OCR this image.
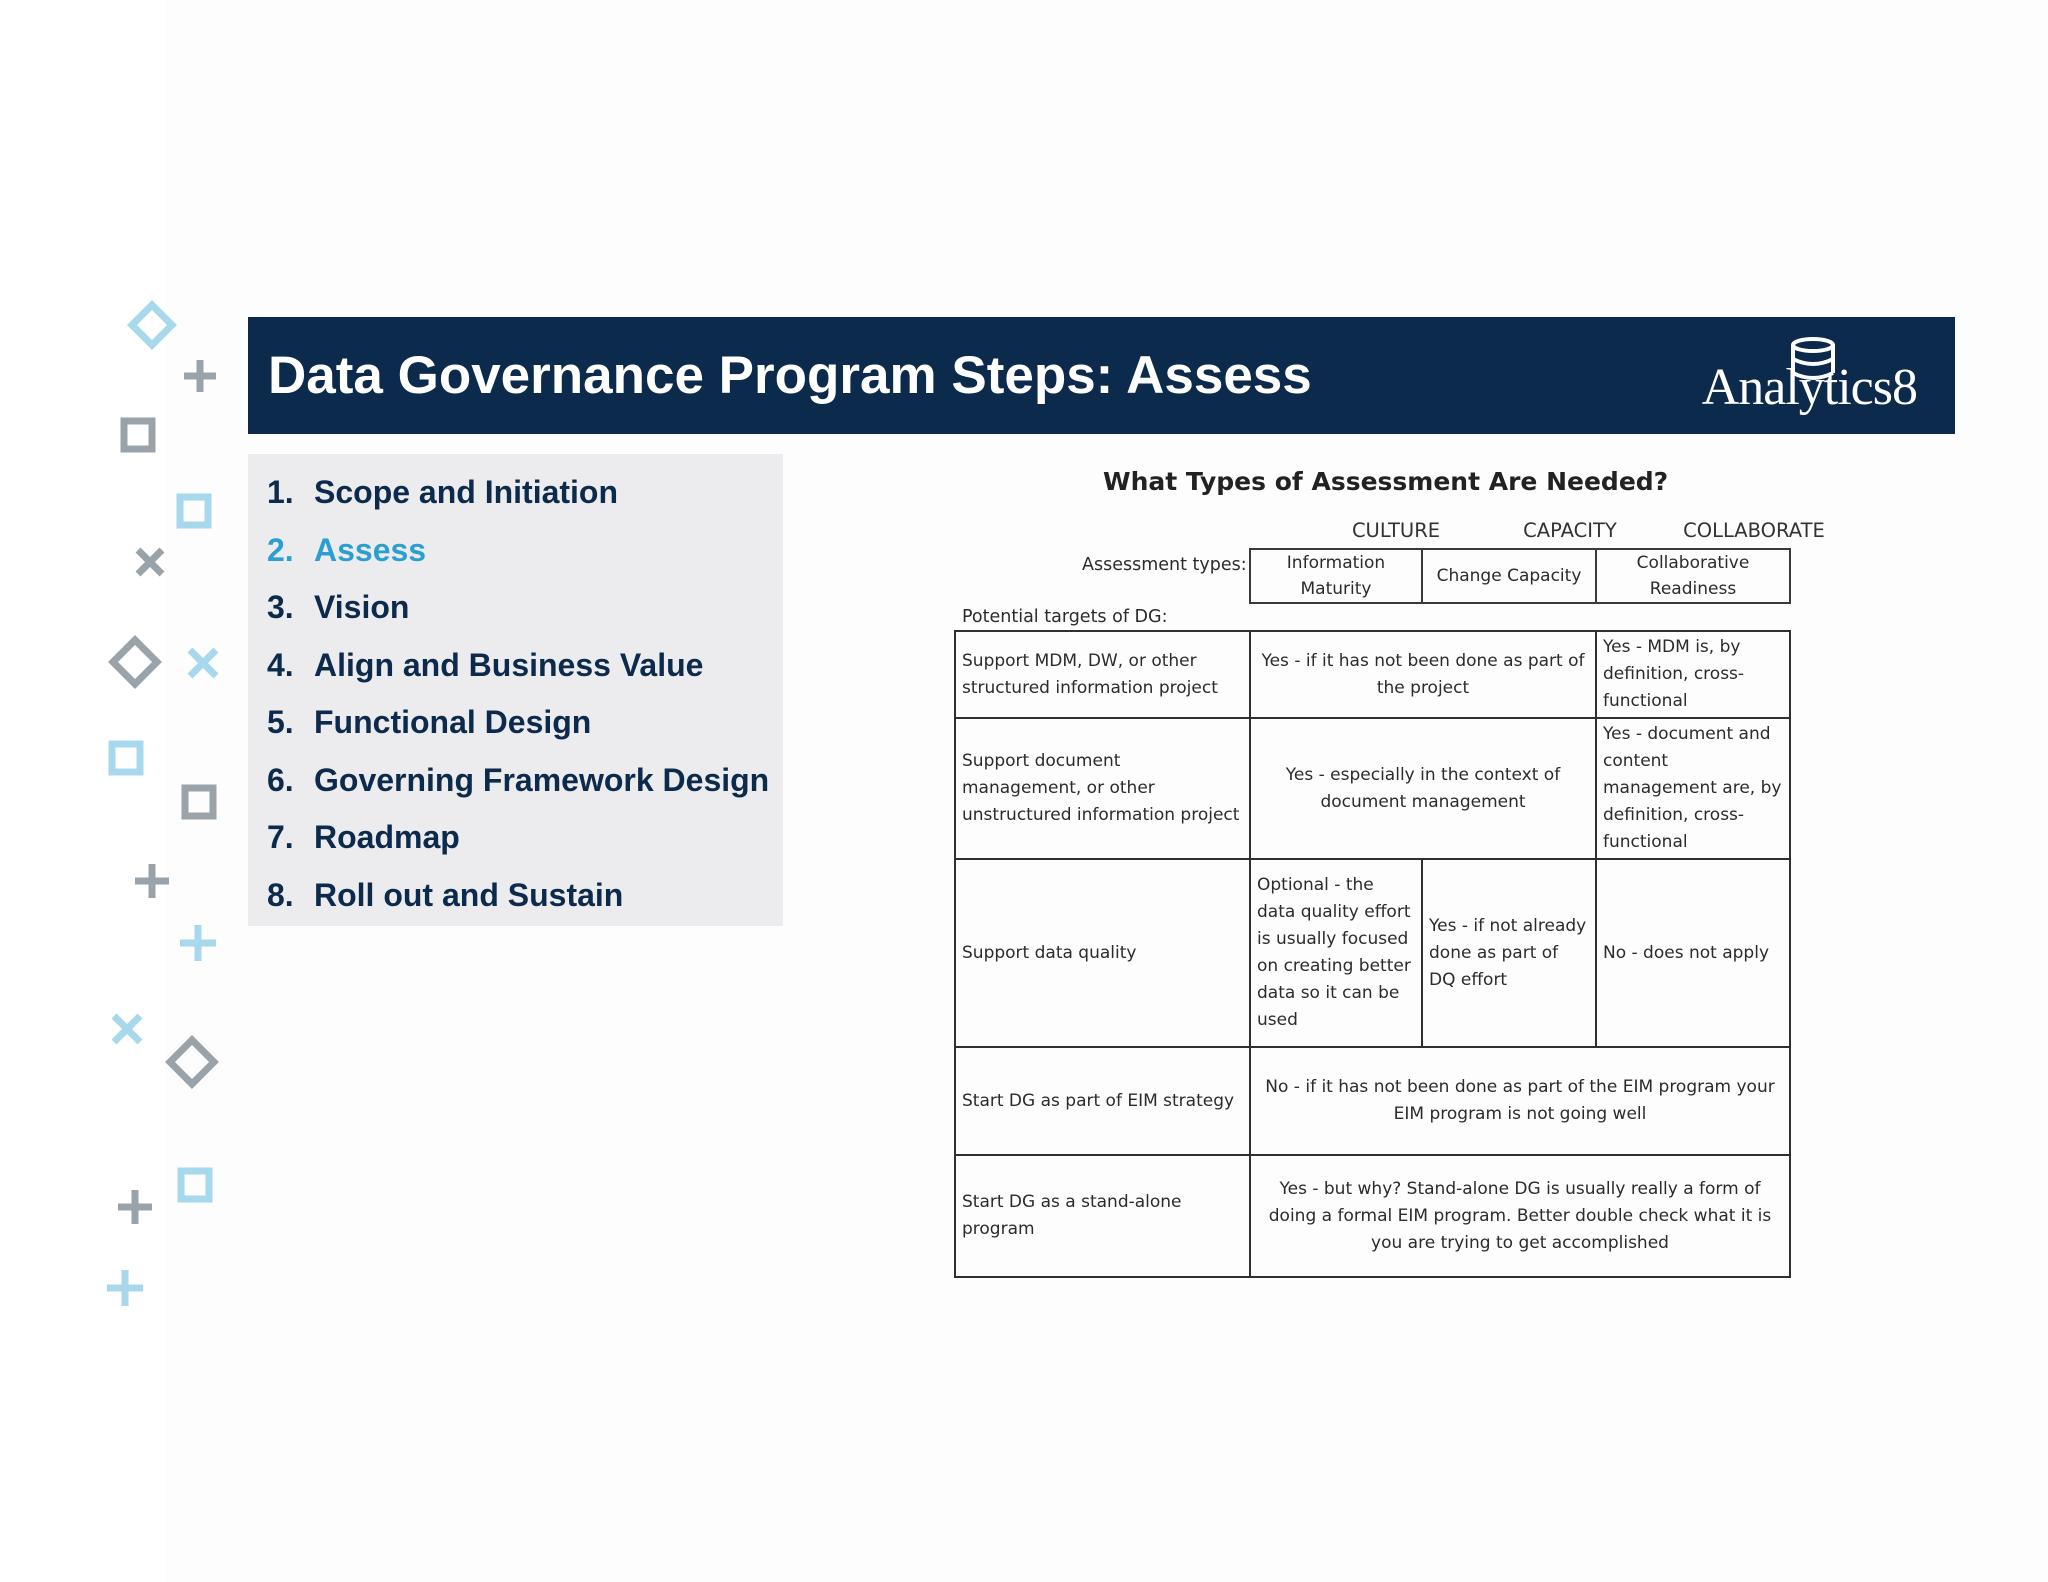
Data Governance Program Steps: Assess	Analytics8
1. Scope and Initiation
2. Assess
3. Vision
4. Align and Business Value
5. Functional Design
6. Governing Framework Design
7. Roadmap
8. Roll out and Sustain
What Types of Assessment Are Needed?
CULTURE	CAPACITY	COLLABORATE
Assessment types: Information Maturity	Change Capacity	Collaborative Readiness
Potential targets of DG:
Support MDM, DW, or other structured information project	Yes - if it has not been done as part of the project		Yes - MDM is, by definition, cross-functional
Support document management, or other unstructured information project	Yes - especially in the context of document management		Yes - document and content management are, by definition, cross-functional
Support data quality	Optional - the data quality effort is usually focused on creating better data so it can be used	Yes - if not already done as part of DQ effort	No - does not apply
Start DG as part of EIM strategy	No - if it has not been done as part of the EIM program your EIM program is not going well		
Start DG as a stand-alone program	Yes - but why? Stand-alone DG is usually really a form of doing a formal EIM program. Better double check what it is you are trying to get accomplished		
